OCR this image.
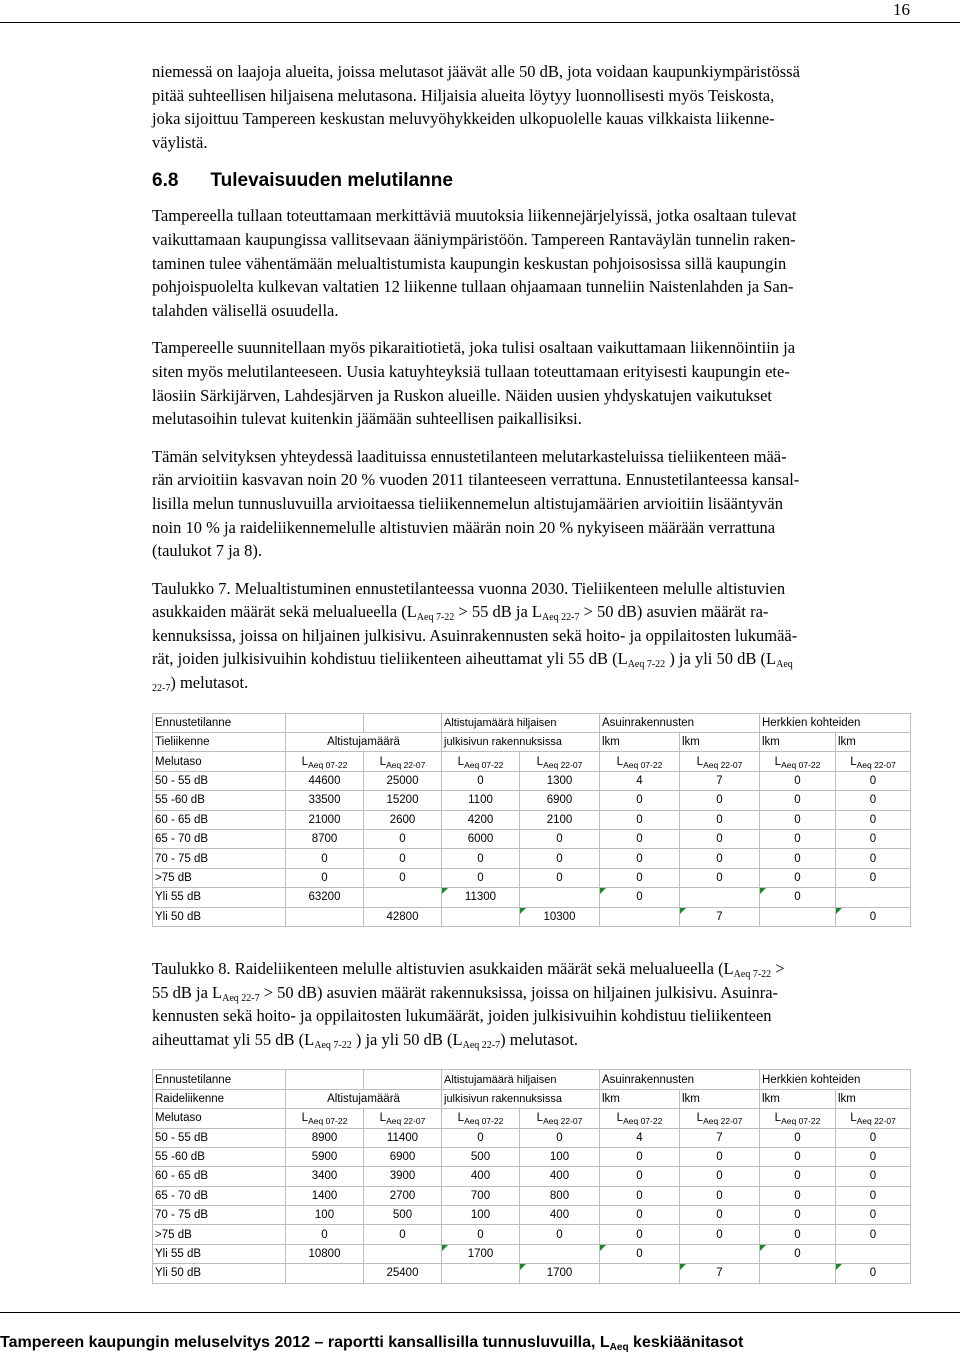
16

niemessä on laajoja alueita, joissa melutasot jäävät alle 50 dB, jota voidaan kaupunkiympäristössä
pitää suhteellisen hiljaisena melutasona. Hiljaisia alueita löytyy luonnollisesti myös Teiskosta,
joka sijoittuu Tampereen keskustan meluvyöhykkeiden ulkopuolelle kauas vilkkaista liikenne-
väylistä.

6.8 Tulevaisuuden melutilanne

Tampereella tullaan toteuttamaan merkittäviä muutoksia liikennejärjelyissä, jotka osaltaan tulevat
vaikuttamaan kaupungissa vallitsevaan ääniympäristöön. Tampereen Rantaväylän tunnelin raken-
taminen tulee vähentämään melualtistumista kaupungin keskustan pohjoisosissa sillä kaupungin
pohjoispuolelta kulkevan valtatien 12 liikenne tullaan ohjaamaan tunneliin Naistenlahden ja San-
talahden välisellä osuudella.

Tampereelle suunnitellaan myös pikaraitiotietä, joka tulisi osaltaan vaikuttamaan liikennöintiin ja
siten myös melutilanteeseen. Uusia katuyhteyksiä tullaan toteuttamaan erityisesti kaupungin ete-
läosiin Särkijärven, Lahdesjärven ja Ruskon alueille. Näiden uusien yhdyskatujen vaikutukset
melutasoihin tulevat kuitenkin jäämään suhteellisen paikallisiksi.

Tämän selvityksen yhteydessä laadituissa ennustetilanteen melutarkasteluissa tieliikenteen mää-
rän arvioitiin kasvavan noin 20 % vuoden 2011 tilanteeseen verrattuna. Ennustetilanteessa kansal-
lisilla melun tunnusluvuilla arvioitaessa tieliikennemelun altistujamäärien arvioitiin lisääntyvän
noin 10 % ja raideliikennemelulle altistuvien määrän noin 20 % nykyiseen määrään verrattuna
(taulukot 7 ja 8).

Taulukko 7. Melualtistuminen ennustetilanteessa vuonna 2030. Tieliikenteen melulle altistuvien
asukkaiden määrät sekä melualueella ($L_{Aeq 7-22} > 55$ dB ja $L_{Aeq 22-7} > 50$ dB) asuvien määrät ra-
kennuksissa, joissa on hiljainen julkisivu. Asuinrakennusten sekä hoito- ja oppilaitosten lukumää-
rät, joiden julkisivuihin kohdistuu tieliikenteen aiheuttamat yli 55 dB ($L_{Aeq 7-22}$ ) ja yli 50 dB ($L_{Aeq}$
$_{22-7}$) melutasot.

Ennustetilanne			Altistujamäärä hiljaisen		Asuinrakennusten		Herkkien kohteiden	
Tieliikenne	Altistujamäärä		julkisivun rakennuksissa		lkm	lkm	lkm	lkm
Melutaso	$L_{Aeq 07-22}$	$L_{Aeq 22-07}$	$L_{Aeq 07-22}$	$L_{Aeq 22-07}$	$L_{Aeq 07-22}$	$L_{Aeq 22-07}$	$L_{Aeq 07-22}$	$L_{Aeq 22-07}$
50 - 55 dB	44600	25000	0	1300	4	7	0	0
55 -60 dB	33500	15200	1100	6900	0	0	0	0
60 - 65 dB	21000	2600	4200	2100	0	0	0	0
65 - 70 dB	8700	0	6000	0	0	0	0	0
70 - 75 dB	0	0	0	0	0	0	0	0
>75 dB	0	0	0	0	0	0	0	0
Yli 55 dB	63200		11300		0		0

Yli 50 dB		42800		10300		7		0

Taulukko 8. Raideliikenteen melulle altistuvien asukkaiden määrät sekä melualueella ($L_{Aeq 7-22}$ >
55 dB ja $L_{Aeq 22-7} > 50$ dB) asuvien määrät rakennuksissa, joissa on hiljainen julkisivu. Asuinra-
kennusten sekä hoito- ja oppilaitosten lukumäärät, joiden julkisivuihin kohdistuu tieliikenteen
aiheuttamat yli 55 dB ($L_{Aeq 7-22}$ ) ja yli 50 dB $(L_{Aeq 22-7})$ melutasot.

Ennustetilanne			Altistujamäärä hiljaisen		Asuinrakennusten		Herkkien kohteiden	
Raideliikenne	Altistujamäärä		julkisivun rakennuksissa		lkm	lkm	lkm	lkm
Melutaso	$L_{Aeq 07-22}$	$L_{Aeq 22-07}$	$L_{Aeq 07-22}$	$L_{Aeq 22-07}$	$L_{Aeq 07-22}$	$L_{Aeq 22-07}$	$L_{Aeq 07-22}$	$L_{Aeq 22-07}$
50 - 55 dB	8900	11400	0	0	4	7	0	0
55 -60 dB	5900	6900	500	100	0	0	0	0
60 - 65 dB	3400	3900	400	400	0	0	0	0
65 - 70 dB	1400	2700	700	800	0	0	0	0
70 - 75 dB	100	500	100	400	0	0	0	0
>75 dB	0	0	0	0	0	0	0	0
Yli 55 dB	10800		1700		0		0

Yli 50 dB		25400		1700		7		0
Tampereen kaupungin meluselvitys 2012 – raportti kansallisilla tunnusluvuilla, $L_{Aeq}$ keskiäänitasot
